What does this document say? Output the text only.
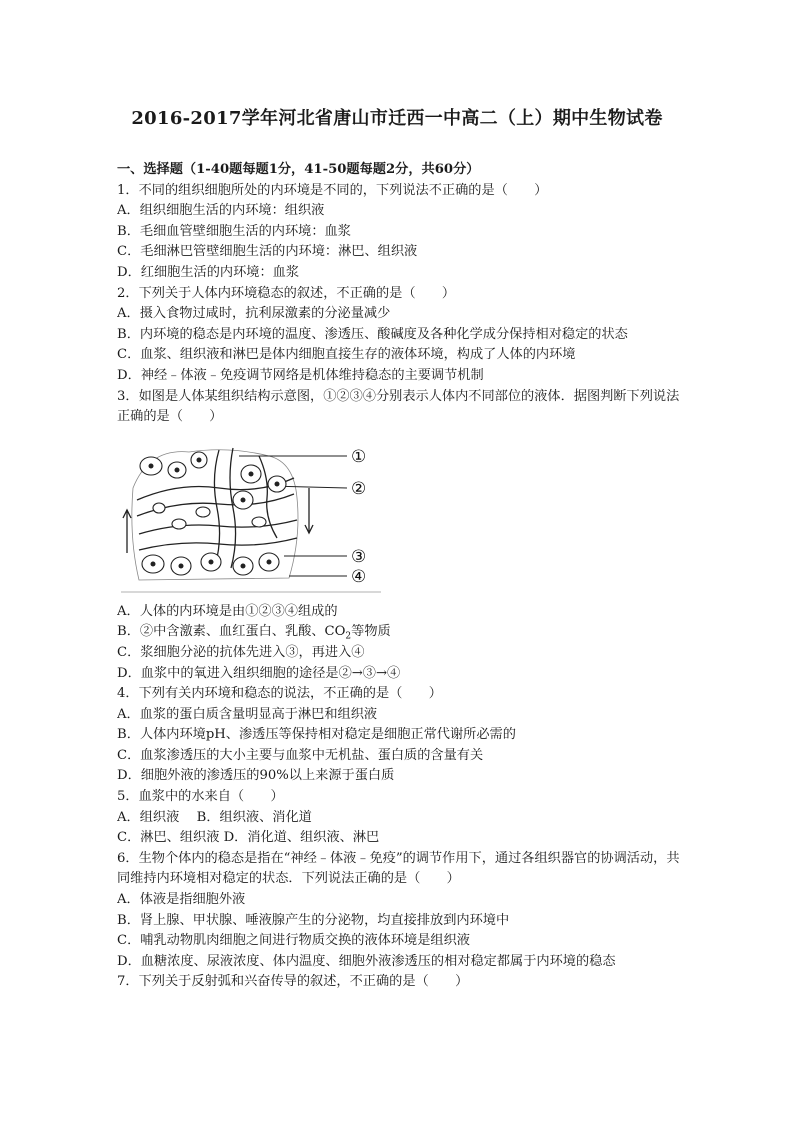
2016-2017学年河北省唐山市迁西一中高二（上）期中生物试卷
一、选择题（1-40题每题1分，41-50题每题2分，共60分）
1．不同的组织细胞所处的内环境是不同的，下列说法不正确的是（　　）
A．组织细胞生活的内环境：组织液
B．毛细血管壁细胞生活的内环境：血浆
C．毛细淋巴管壁细胞生活的内环境：淋巴、组织液
D．红细胞生活的内环境：血浆
2．下列关于人体内环境稳态的叙述，不正确的是（　　）
A．摄入食物过咸时，抗利尿激素的分泌量减少
B．内环境的稳态是内环境的温度、渗透压、酸碱度及各种化学成分保持相对稳定的状态
C．血浆、组织液和淋巴是体内细胞直接生存的液体环境，构成了人体的内环境
D．神经﹣体液﹣免疫调节网络是机体维持稳态的主要调节机制
3．如图是人体某组织结构示意图，①②③④分别表示人体内不同部位的液体．据图判断下列说法正确的是（　　）
①
②
③
④
A．人体的内环境是由①②③④组成的
B．②中含激素、血红蛋白、乳酸、$CO_2$等物质
C．浆细胞分泌的抗体先进入③，再进入④
D．血浆中的氧进入组织细胞的途径是②→③→④
4．下列有关内环境和稳态的说法，不正确的是（　　）
A．血浆的蛋白质含量明显高于淋巴和组织液
B．人体内环境pH、渗透压等保持相对稳定是细胞正常代谢所必需的
C．血浆渗透压的大小主要与血浆中无机盐、蛋白质的含量有关
D．细胞外液的渗透压的90%以上来源于蛋白质
5．血浆中的水来自（　　）
A．组织液　 B．组织液、消化道
C．淋巴、组织液 D．消化道、组织液、淋巴
6．生物个体内的稳态是指在“神经﹣体液﹣免疫”的调节作用下，通过各组织器官的协调活动，共同维持内环境相对稳定的状态．下列说法正确的是（　　）
A．体液是指细胞外液
B．肾上腺、甲状腺、唾液腺产生的分泌物，均直接排放到内环境中
C．哺乳动物肌肉细胞之间进行物质交换的液体环境是组织液
D．血糖浓度、尿液浓度、体内温度、细胞外液渗透压的相对稳定都属于内环境的稳态
7．下列关于反射弧和兴奋传导的叙述，不正确的是（　　）
